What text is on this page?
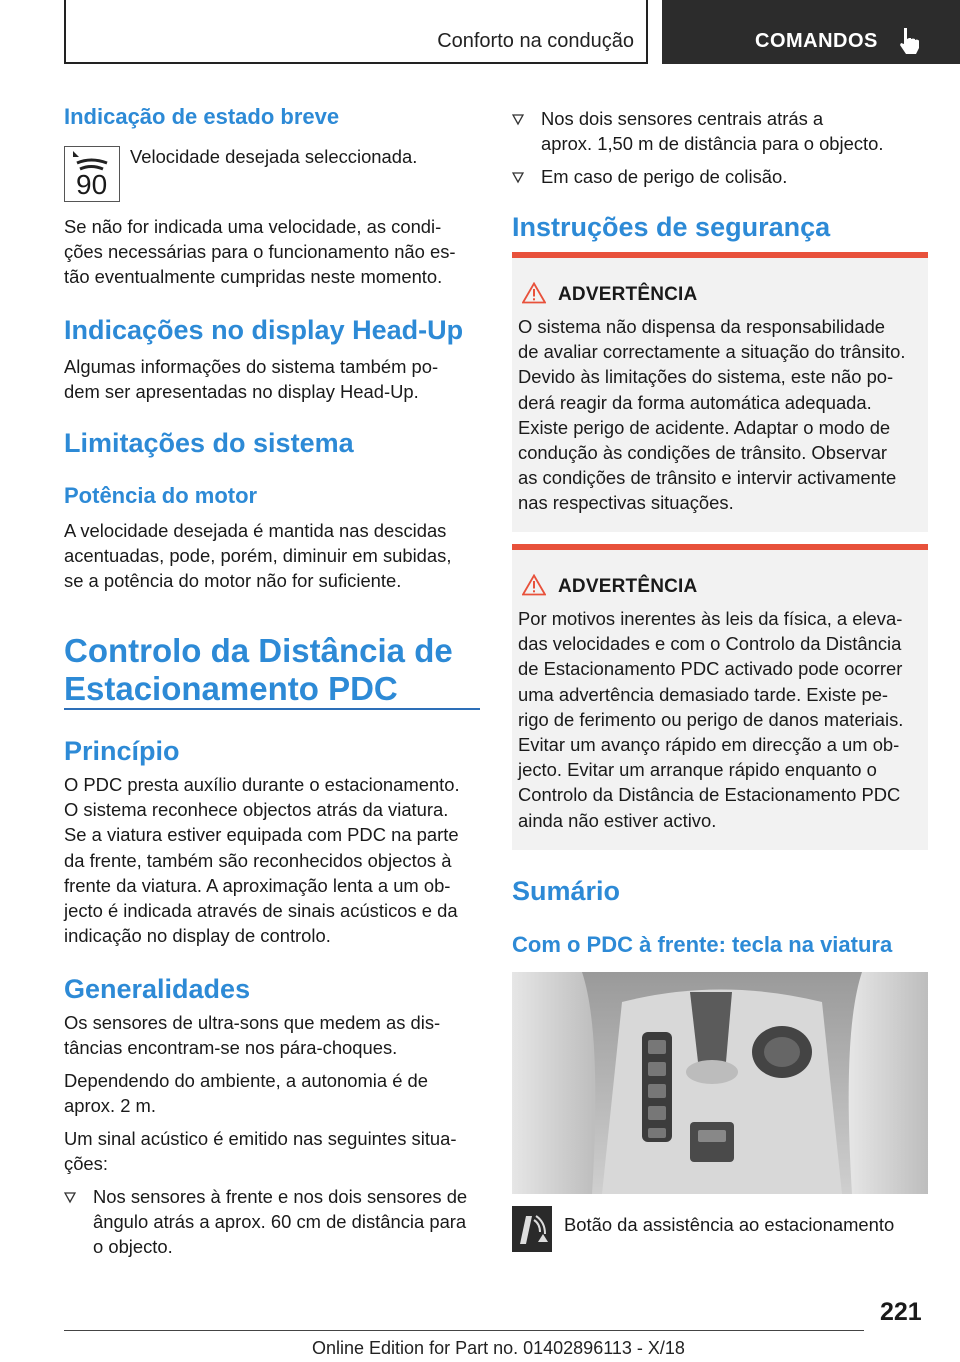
Conforto na condução	COMANDOS
Indicação de estado breve
90
Velocidade desejada seleccionada.
Se não for indicada uma velocidade, as condi-
ções necessárias para o funcionamento não es-
tão eventualmente cumpridas neste momento.
Indicações no display Head-Up
Algumas informações do sistema também po-
dem ser apresentadas no display Head-Up.
Limitações do sistema
Potência do motor
A velocidade desejada é mantida nas descidas
acentuadas, pode, porém, diminuir em subidas,
se a potência do motor não for suficiente.
Controlo da Distância de
Estacionamento PDC
Princípio
O PDC presta auxílio durante o estacionamento.
O sistema reconhece objectos atrás da viatura.
Se a viatura estiver equipada com PDC na parte
da frente, também são reconhecidos objectos à
frente da viatura. A aproximação lenta a um ob-
jecto é indicada através de sinais acústicos e da
indicação no display de controlo.
Generalidades
Os sensores de ultra-sons que medem as dis-
tâncias encontram-se nos pára-choques.
Dependendo do ambiente, a autonomia é de
aprox. 2 m.
Um sinal acústico é emitido nas seguintes situa-
ções:
Nos sensores à frente e nos dois sensores de
ângulo atrás a aprox. 60 cm de distância para
o objecto.
Nos dois sensores centrais atrás a
aprox. 1,50 m de distância para o objecto.
Em caso de perigo de colisão.
Instruções de segurança
ADVERTÊNCIA
O sistema não dispensa da responsabilidade
de avaliar correctamente a situação do trânsito.
Devido às limitações do sistema, este não po-
derá reagir da forma automática adequada.
Existe perigo de acidente. Adaptar o modo de
condução às condições de trânsito. Observar
as condições de trânsito e intervir activamente
nas respectivas situações.
ADVERTÊNCIA
Por motivos inerentes às leis da física, a eleva-
das velocidades e com o Controlo da Distância
de Estacionamento PDC activado pode ocorrer
uma advertência demasiado tarde. Existe pe-
rigo de ferimento ou perigo de danos materiais.
Evitar um avanço rápido em direcção a um ob-
jecto. Evitar um arranque rápido enquanto o
Controlo da Distância de Estacionamento PDC
ainda não estiver activo.
Sumário
Com o PDC à frente: tecla na viatura
Botão da assistência ao estacionamento
221
Online Edition for Part no. 01402896113 - X/18
